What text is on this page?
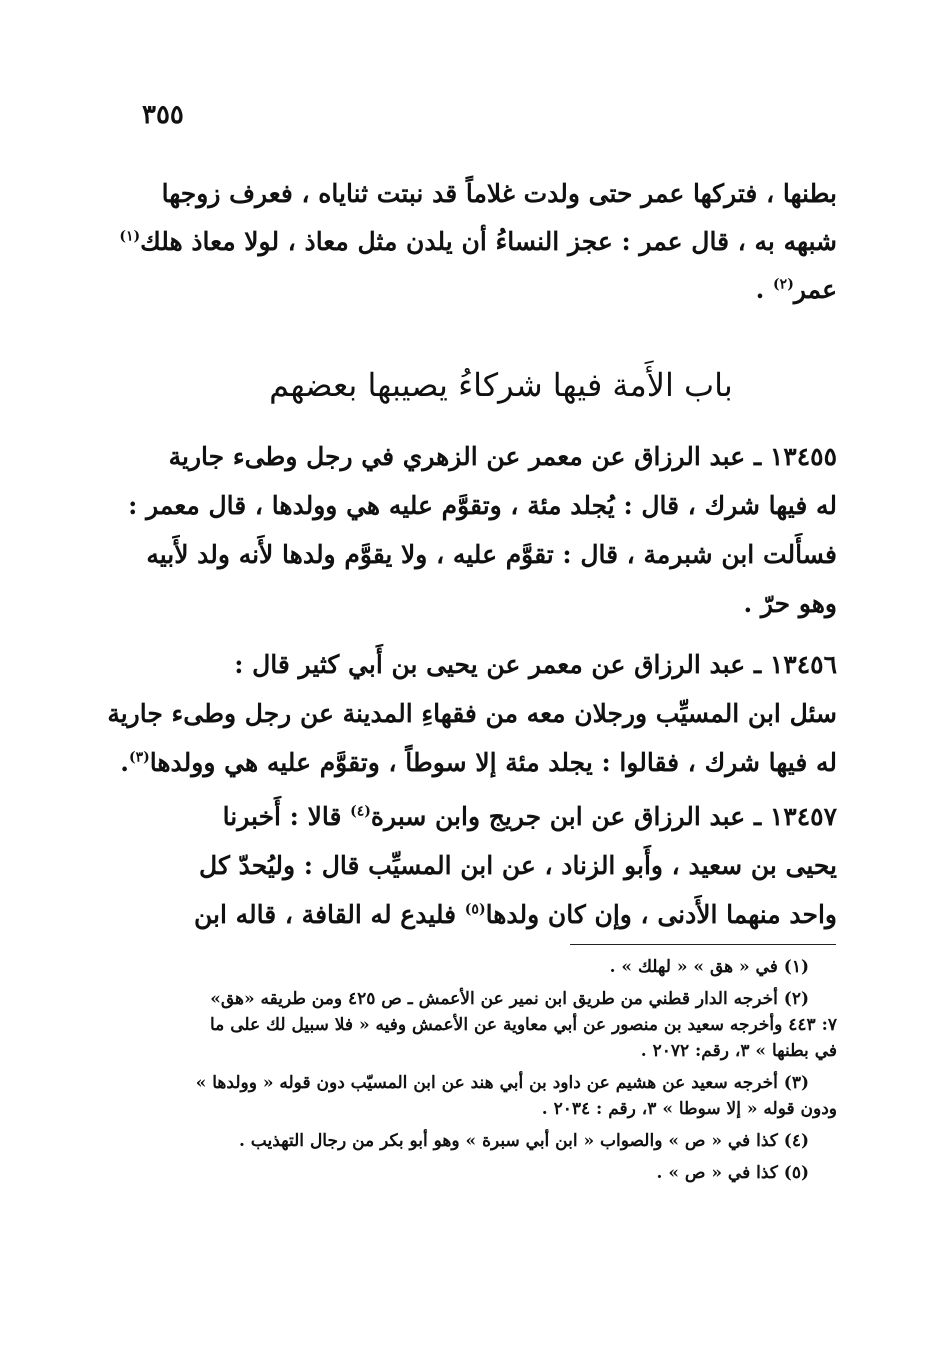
٣٥٥
بطنها ، فتركها عمر حتى ولدت غلاماً قد نبتت ثناياه ، فعرف زوجها
شبهه به ، قال عمر : عجز النساءُ أن يلدن مثل معاذ ، لولا معاذ هلك$^{(١)}$
عمر$^{(٢)}$ .
باب الأَمة فيها شركاءُ يصيبها بعضهم
١٣٤٥٥ ـ عبد الرزاق عن معمر عن الزهري في رجل وطىء جارية
له فيها شرك ، قال : يُجلد مئة ، وتقوَّم عليه هي وولدها ، قال معمر :
فسأَلت ابن شبرمة ، قال : تقوَّم عليه ، ولا يقوَّم ولدها لأَنه ولد لأَبيه
وهو حرّ .
١٣٤٥٦ ـ عبد الرزاق عن معمر عن يحيى بن أَبي كثير قال :
سئل ابن المسيِّب ورجلان معه من فقهاءِ المدينة عن رجل وطىء جارية
له فيها شرك ، فقالوا : يجلد مئة إلا سوطاً ، وتقوَّم عليه هي وولدها$^{(٣)}$.
١٣٤٥٧ ـ عبد الرزاق عن ابن جريج وابن سبرة$^{(٤)}$ قالا : أَخبرنا
يحيى بن سعيد ، وأَبو الزناد ، عن ابن المسيِّب قال : وليُحدّ كل
واحد منهما الأَدنى ، وإن كان ولدها$^{(٥)}$ فليدع له القافة ، قاله ابن
(١) في « هق » « لهلك » .
(٢) أخرجه الدار قطني من طريق ابن نمير عن الأعمش ـ ص ٤٢٥ ومن طريقه «هق»
٧: ٤٤٣ وأخرجه سعيد بن منصور عن أبي معاوية عن الأعمش وفيه « فلا سبيل لك على ما
في بطنها » ٣، رقم: ٢٠٧٢ .
(٣) أخرجه سعيد عن هشيم عن داود بن أبي هند عن ابن المسيّب دون قوله « وولدها »
ودون قوله « إلا سوطا » ٣، رقم : ٢٠٣٤ .
(٤) كذا في « ص » والصواب « ابن أبي سبرة » وهو أبو بكر من رجال التهذيب .
(٥) كذا في « ص » .
